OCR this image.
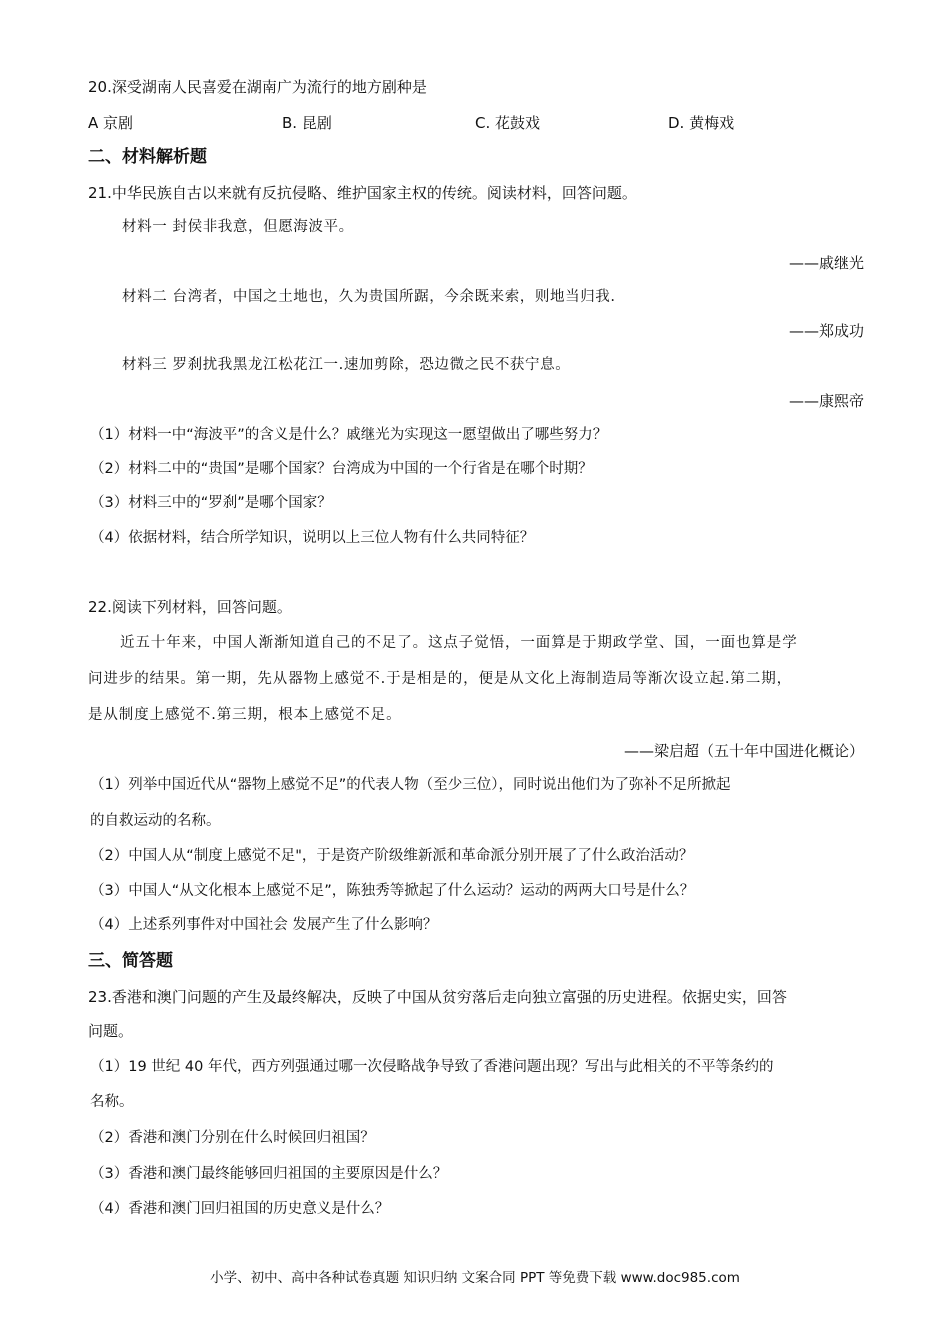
20.深受湖南人民喜爱在湖南广为流行的地方剧种是
A 京剧	B. 昆剧	C. 花鼓戏	D. 黄梅戏
二、材料解析题
21.中华民族自古以来就有反抗侵略、维护国家主权的传统。阅读材料，回答问题。
材料一 封侯非我意，但愿海波平。
——戚继光
材料二 台湾者，中国之土地也，久为贵国所踞，今余既来索，则地当归我.
——郑成功
材料三 罗刹扰我黑龙江松花江一.速加剪除，恐边微之民不获宁息。
——康熙帝
（1）材料一中“海波平”的含义是什么？戚继光为实现这一愿望做出了哪些努力？
（2）材料二中的“贵国”是哪个国家？台湾成为中国的一个行省是在哪个时期？
（3）材料三中的“罗刹”是哪个国家？
（4）依据材料，结合所学知识，说明以上三位人物有什么共同特征？
22.阅读下列材料，回答问题。
近五十年来，中国人渐渐知道自己的不足了。这点子觉悟，一面算是于期政学堂、国，一面也算是学
问进步的结果。第一期，先从器物上感觉不.于是相是的，便是从文化上海制造局等渐次设立起.第二期，
是从制度上感觉不.第三期，根本上感觉不足。
——梁启超（五十年中国进化概论）
（1）列举中国近代从“器物上感觉不足”的代表人物（至少三位），同时说出他们为了弥补不足所掀起
的自救运动的名称。
（2）中国人从“制度上感觉不足"，于是资产阶级维新派和革命派分别开展了了什么政治活动？
（3）中国人“从文化根本上感觉不足”，陈独秀等掀起了什么运动？运动的两两大口号是什么？
（4）上述系列事件对中国社会 发展产生了什么影响？
三、简答题
23.香港和澳门问题的产生及最终解决，反映了中国从贫穷落后走向独立富强的历史进程。依据史实，回答
问题。
（1）19 世纪 40 年代，西方列强通过哪一次侵略战争导致了香港问题出现？写出与此相关的不平等条约的
名称。
（2）香港和澳门分别在什么时候回归祖国？
（3）香港和澳门最终能够回归祖国的主要原因是什么？
（4）香港和澳门回归祖国的历史意义是什么？
小学、初中、高中各种试卷真题 知识归纳 文案合同 PPT 等免费下载 www.doc985.com
